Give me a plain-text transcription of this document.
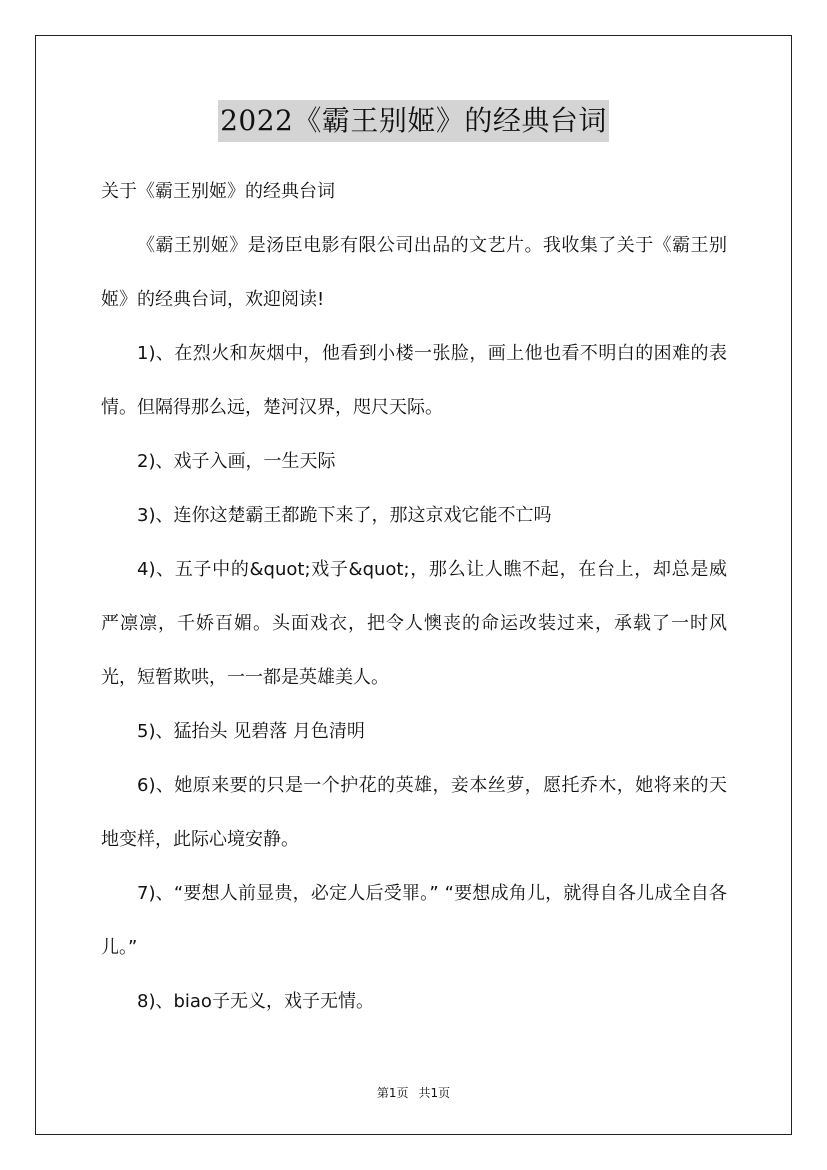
2022《霸王别姬》的经典台词

关于《霸王别姬》的经典台词

《霸王别姬》是汤臣电影有限公司出品的文艺片。我收集了关于《霸王别姬》的经典台词，欢迎阅读!

1)、在烈火和灰烟中，他看到小楼一张脸，画上他也看不明白的困难的表情。但隔得那么远，楚河汉界，咫尺天际。

2)、戏子入画，一生天际

3)、连你这楚霸王都跪下来了，那这京戏它能不亡吗

4)、五子中的&quot;戏子&quot;，那么让人瞧不起，在台上，却总是威严凛凛，千娇百媚。头面戏衣，把令人懊丧的命运改装过来，承载了一时风光，短暂欺哄，一一都是英雄美人。

5)、猛抬头 见碧落 月色清明

6)、她原来要的只是一个护花的英雄，妾本丝萝，愿托乔木，她将来的天地变样，此际心境安静。

7)、“要想人前显贵，必定人后受罪。” “要想成角儿，就得自各儿成全自各儿。”

8)、biao子无义，戏子无情。

第1页 共1页
